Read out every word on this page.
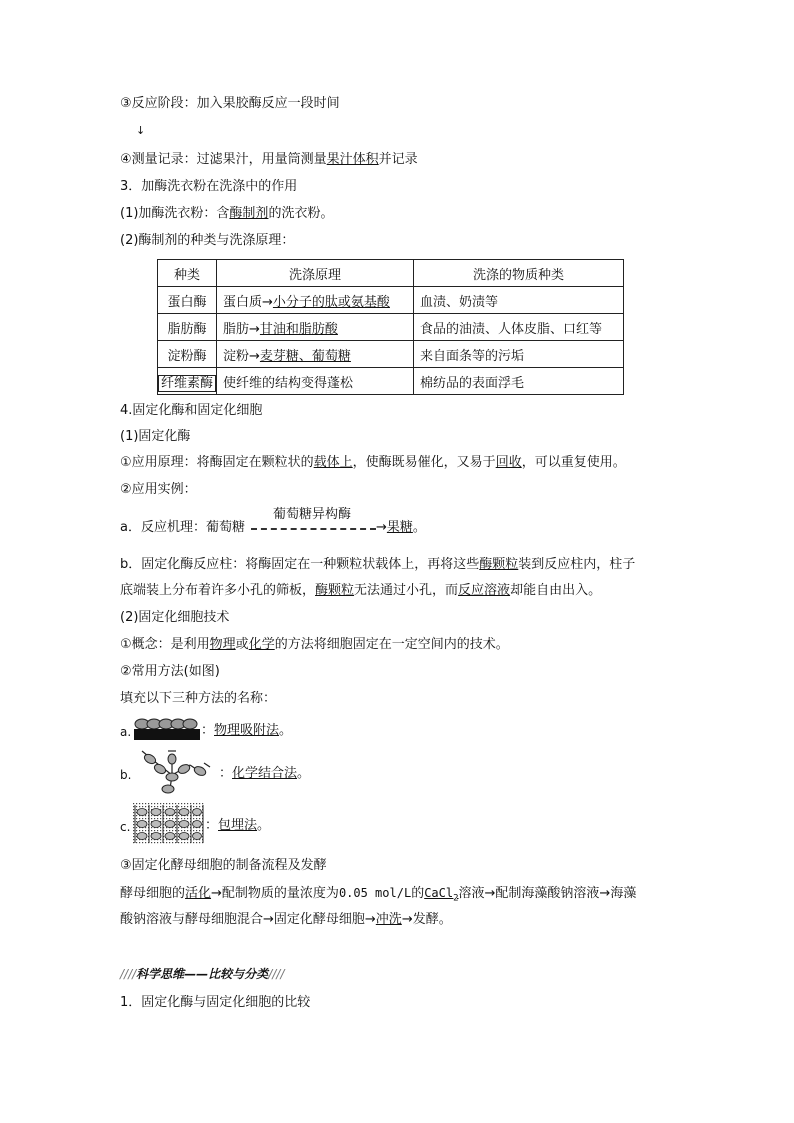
③反应阶段：加入果胶酶反应一段时间
↓
④测量记录：过滤果汁，用量筒测量果汁体积并记录
3．加酶洗衣粉在洗涤中的作用
(1)加酶洗衣粉：含酶制剂的洗衣粉。
(2)酶制剂的种类与洗涤原理：
种类	洗涤原理	洗涤的物质种类
蛋白酶	蛋白质→小分子的肽或氨基酸	血渍、奶渍等
脂肪酶	脂肪→甘油和脂肪酸	食品的油渍、人体皮脂、口红等
淀粉酶	淀粉→麦芽糖、葡萄糖	来自面条等的污垢
纤维素酶	使纤维的结构变得蓬松	棉纺品的表面浮毛
4.固定化酶和固定化细胞
(1)固定化酶
①应用原理：将酶固定在颗粒状的载体上，使酶既易催化，又易于回收，可以重复使用。
②应用实例：
a．反应机理：葡萄糖
葡萄糖异构酶
→果糖。
b．固定化酶反应柱：将酶固定在一种颗粒状载体上，再将这些酶颗粒装到反应柱内，柱子
底端装上分布着许多小孔的筛板，酶颗粒无法通过小孔，而反应溶液却能自由出入。
(2)固定化细胞技术
①概念：是利用物理或化学的方法将细胞固定在一定空间内的技术。
②常用方法(如图)
填充以下三种方法的名称：
a.	：物理吸附法。
b.	：化学结合法。
c.	：包埋法。
③固定化酵母细胞的制备流程及发酵
酵母细胞的活化→配制物质的量浓度为0.05 mol/L的CaCl$_2$溶液→配制海藻酸钠溶液→海藻
酸钠溶液与酵母细胞混合→固定化酵母细胞→冲洗→发酵。
////科学思维——比较与分类////
1．固定化酶与固定化细胞的比较
